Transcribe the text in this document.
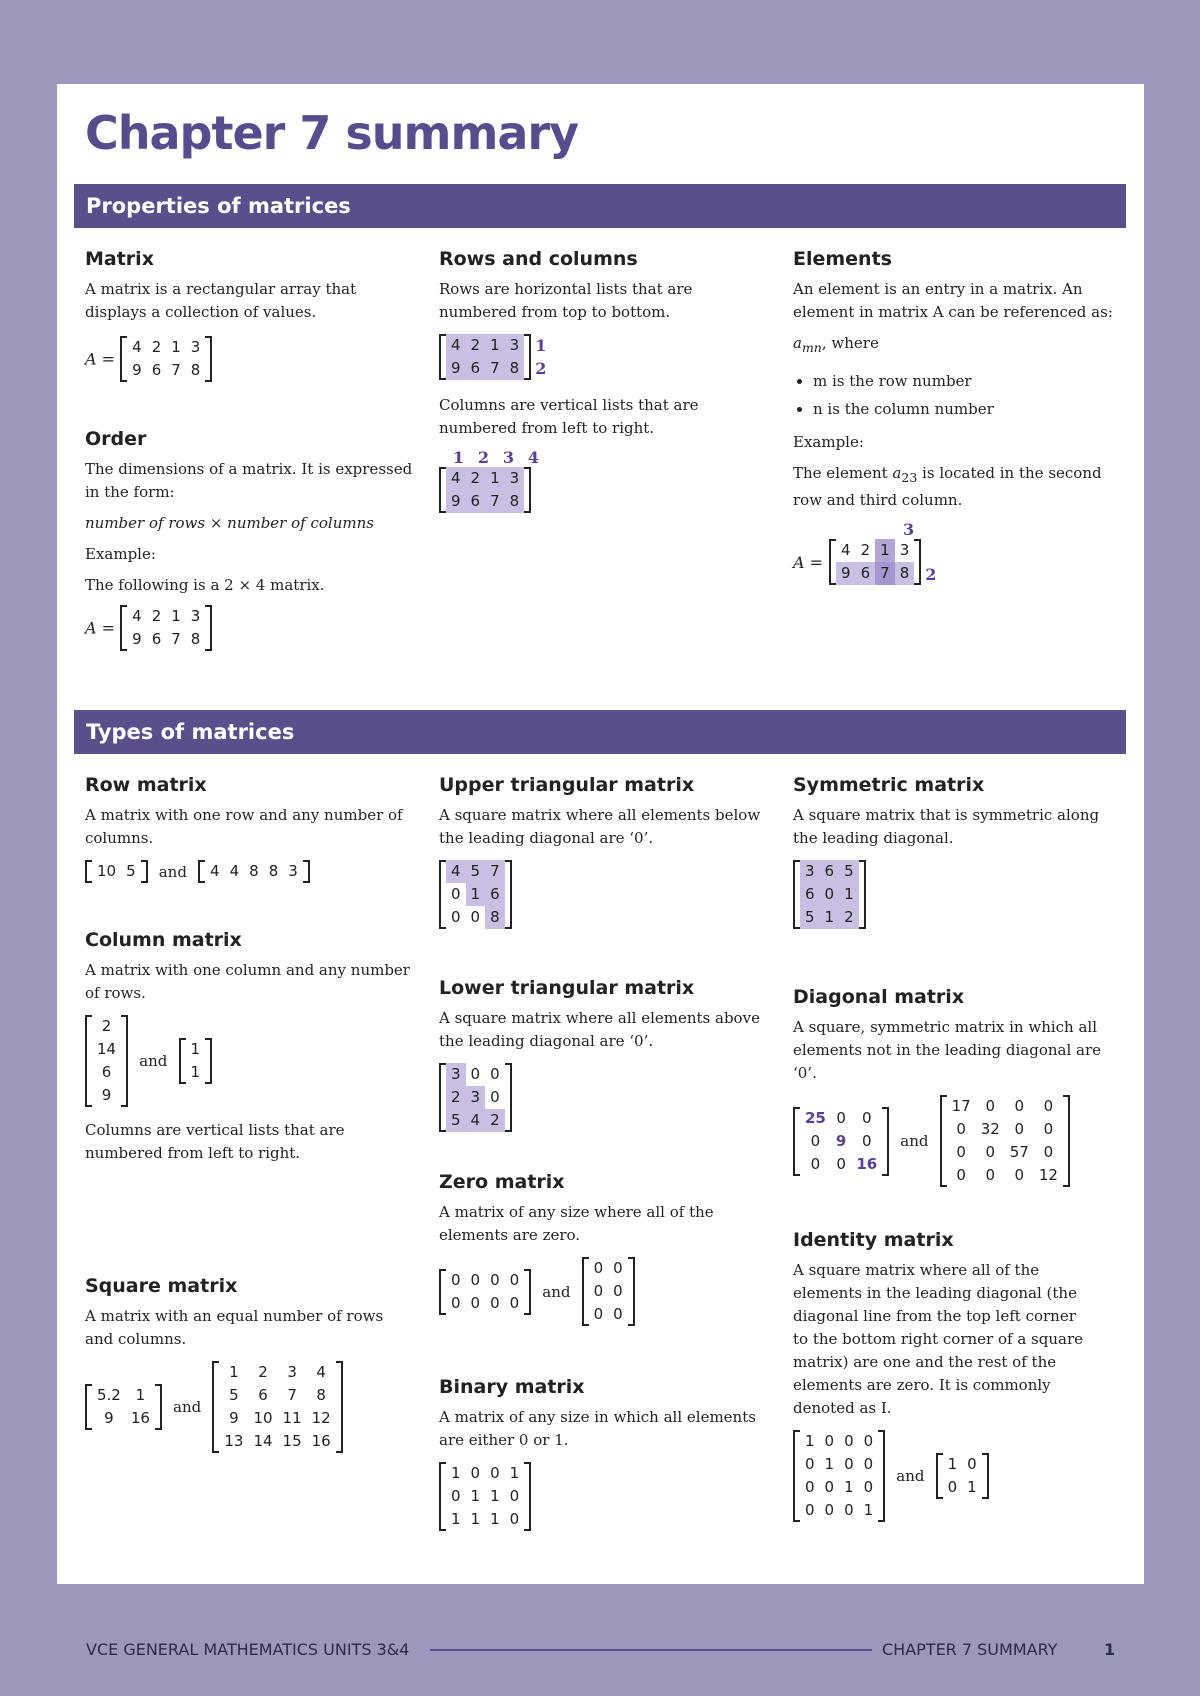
Chapter 7 summary
Properties of matrices
Matrix
A matrix is a rectangular array that displays a collection of values.
A =
4	2	1	3
9	6	7	8
Order
The dimensions of a matrix. It is expressed in the form:
number of rows × number of columns
Example:
The following is a 2 × 4 matrix.
A =
4	2	1	3
9	6	7	8
Rows and columns
Rows are horizontal lists that are numbered from top to bottom.
4	2	1	3
9	6	7	8
1
2
Columns are vertical lists that are numbered from left to right.
1 2 3 4
4	2	1	3
9	6	7	8
Elements
An element is an entry in a matrix. An element in matrix A can be referenced as:
$a_{mn}$, where
• m is the row number
• n is the column number
Example:
The element $a_{23}$ is located in the second row and third column.
3
A =
4	2	1	3
9	6	7	8 2
Types of matrices
Row matrix
A matrix with one row and any number of columns.
10	5 and 4	4	8	8	3
Column matrix
A matrix with one column and any number of rows.
2
14
6
9
and
1
1
Columns are vertical lists that are numbered from left to right.
Square matrix
A matrix with an equal number of rows and columns.
5.2	1
9	16
and
1	2	3	4
5	6	7	8
9	10	11	12
13	14	15	16
Upper triangular matrix
A square matrix where all elements below the leading diagonal are ‘0’.
4	5	7
0	1	6
0	0	8
Lower triangular matrix
A square matrix where all elements above the leading diagonal are ‘0’.
3	0	0
2	3	0
5	4	2
Zero matrix
A matrix of any size where all of the elements are zero.
0	0	0	0
0	0	0	0
and
0	0
0	0
0	0
Binary matrix
A matrix of any size in which all elements are either 0 or 1.
1	0	0	1
0	1	1	0
1	1	1	0
Symmetric matrix
A square matrix that is symmetric along the leading diagonal.
3	6	5
6	0	1
5	1	2
Diagonal matrix
A square, symmetric matrix in which all elements not in the leading diagonal are ‘0’.
25	0	0
0	9	0
0	0	16
and
17	0	0	0
0	32	0	0
0	0	57	0
0	0	0	12
Identity matrix
A square matrix where all of the elements in the leading diagonal (the diagonal line from the top left corner to the bottom right corner of a square matrix) are one and the rest of the elements are zero. It is commonly denoted as I.
1	0	0	0
0	1	0	0
0	0	1	0
0	0	0	1
and
1	0
0	1
VCE GENERAL MATHEMATICS UNITS 3&4	CHAPTER 7 SUMMARY	1
